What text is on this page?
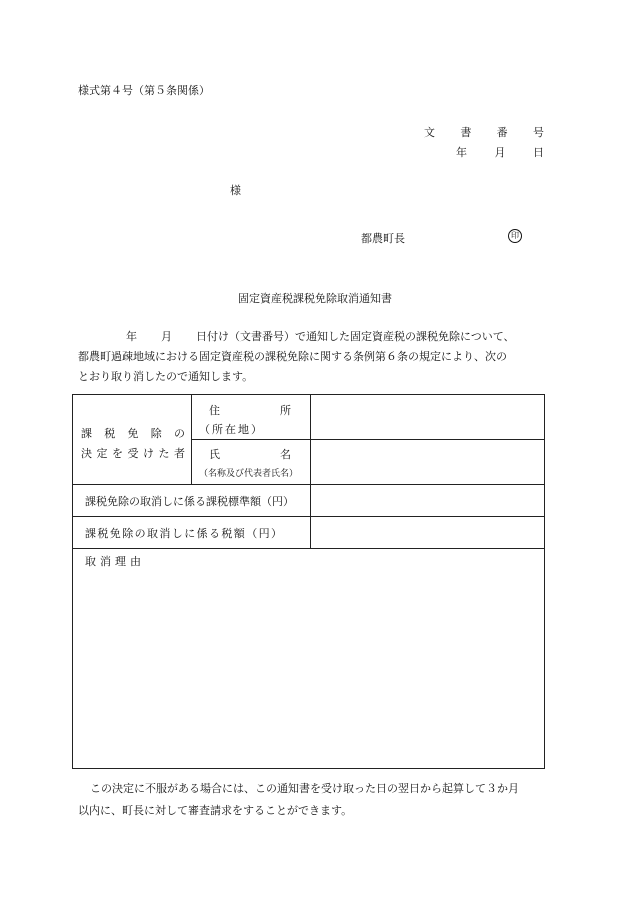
様式第４号（第５条関係）
文 書 番 号
年	月	日
様
都農町長	印
固定資産税課税免除取消通知書
年 月 日付け（文書番号）で通知した固定資産税の課税免除について、
都農町過疎地域における固定資産税の課税免除に関する条例第６条の規定により、次の
とおり取り消したので通知します。
課 税 免 除 の
決 定 を 受 け た 者
住	所
（所在地）
氏	名
（名称及び代表者氏名）
課税免除の取消しに係る課税標準額（円）
課税免除の取消しに係る税額（円）
取消理由
この決定に不服がある場合には、この通知書を受け取った日の翌日から起算して３か月
以内に、町長に対して審査請求をすることができます。
